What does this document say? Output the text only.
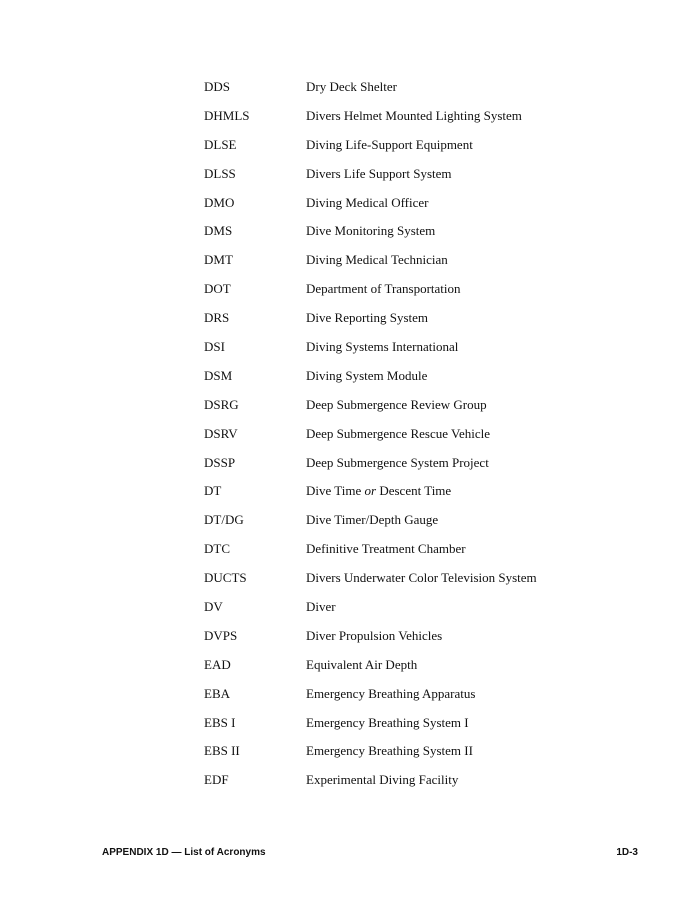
DDS	Dry Deck Shelter
DHMLS	Divers Helmet Mounted Lighting System
DLSE	Diving Life-Support Equipment
DLSS	Divers Life Support System
DMO	Diving Medical Officer
DMS	Dive Monitoring System
DMT	Diving Medical Technician
DOT	Department of Transportation
DRS	Dive Reporting System
DSI	Diving Systems International
DSM	Diving System Module
DSRG	Deep Submergence Review Group
DSRV	Deep Submergence Rescue Vehicle
DSSP	Deep Submergence System Project
DT	Dive Time or Descent Time
DT/DG	Dive Timer/Depth Gauge
DTC	Definitive Treatment Chamber
DUCTS	Divers Underwater Color Television System
DV	Diver
DVPS	Diver Propulsion Vehicles
EAD	Equivalent Air Depth
EBA	Emergency Breathing Apparatus
EBS I	Emergency Breathing System I
EBS II	Emergency Breathing System II
EDF	Experimental Diving Facility
APPENDIX 1D — List of Acronyms	1D-3
